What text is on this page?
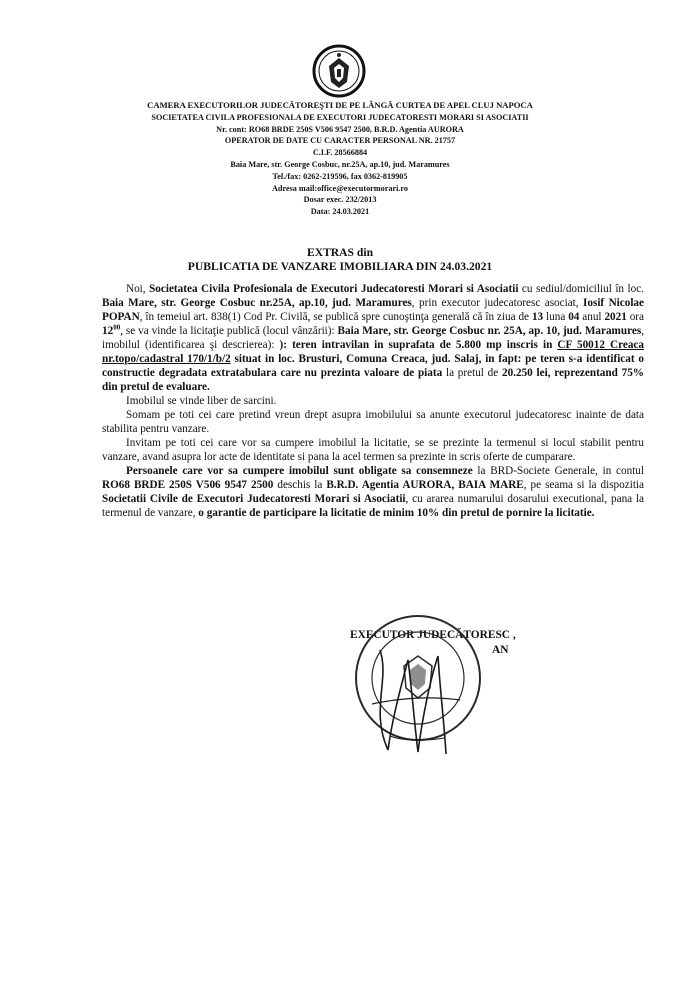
CAMERA EXECUTORILOR JUDECĂTOREŞTI DE PE LÂNGĂ CURTEA DE APEL CLUJ NAPOCA
SOCIETATEA CIVILA PROFESIONALA DE EXECUTORI JUDECATORESTI MORARI SI ASOCIATII
Nr. cont: RO68 BRDE 250S V506 9547 2500, B.R.D. Agentia AURORA
OPERATOR DE DATE CU CARACTER PERSONAL NR. 21757
C.I.F. 28566884
Baia Mare, str. George Cosbuc, nr.25A, ap.10, jud. Maramures
Tel./fax: 0262-219596, fax 0362-819905
Adresa mail:office@executormorari.ro
Dosar exec. 232/2013
Data: 24.03.2021
EXTRAS din
PUBLICATIA DE VANZARE IMOBILIARA DIN 24.03.2021

Noi, Societatea Civila Profesionala de Executori Judecatoresti Morari si Asociatii cu sediul/domiciliul în loc. Baia Mare, str. George Cosbuc nr.25A, ap.10, jud. Maramures, prin executor judecatoresc asociat, Iosif Nicolae POPAN, în temeiul art. 838(1) Cod Pr. Civilă, se publică spre cunoştinţa generală că în ziua de 13 luna 04 anul 2021 ora $12^{00}$, se va vinde la licitaţie publică (locul vânzării): Baia Mare, str. George Cosbuc nr. 25A, ap. 10, jud. Maramures, imobilul (identificarea şi descrierea): ): teren intravilan in suprafata de 5.800 mp inscris in CF 50012 Creaca nr.topo/cadastral 170/1/b/2 situat in loc. Brusturi, Comuna Creaca, jud. Salaj, in fapt: pe teren s-a identificat o constructie degradata extratabulara care nu prezinta valoare de piata la pretul de 20.250 lei, reprezentand 75% din pretul de evaluare.

Imobilul se vinde liber de sarcini.

Somam pe toti cei care pretind vreun drept asupra imobilului sa anunte executorul judecatoresc inainte de data stabilita pentru vanzare.

Invitam pe toti cei care vor sa cumpere imobilul la licitatie, se se prezinte la termenul si locul stabilit pentru vanzare, avand asupra lor acte de identitate si pana la acel termen sa prezinte in scris oferte de cumparare.

Persoanele care vor sa cumpere imobilul sunt obligate sa consemneze la BRD-Societe Generale, in contul RO68 BRDE 250S V506 9547 2500 deschis la B.R.D. Agentia AURORA, BAIA MARE, pe seama si la dispozitia Societatii Civile de Executori Judecatoresti Morari si Asociatii, cu ararea numarului dosarului executional, pana la termenul de vanzare, o garantie de participare la licitatie de minim 10% din pretul de pornire la licitatie.

EXECUTOR JUDECĂTORESC ,
AN
